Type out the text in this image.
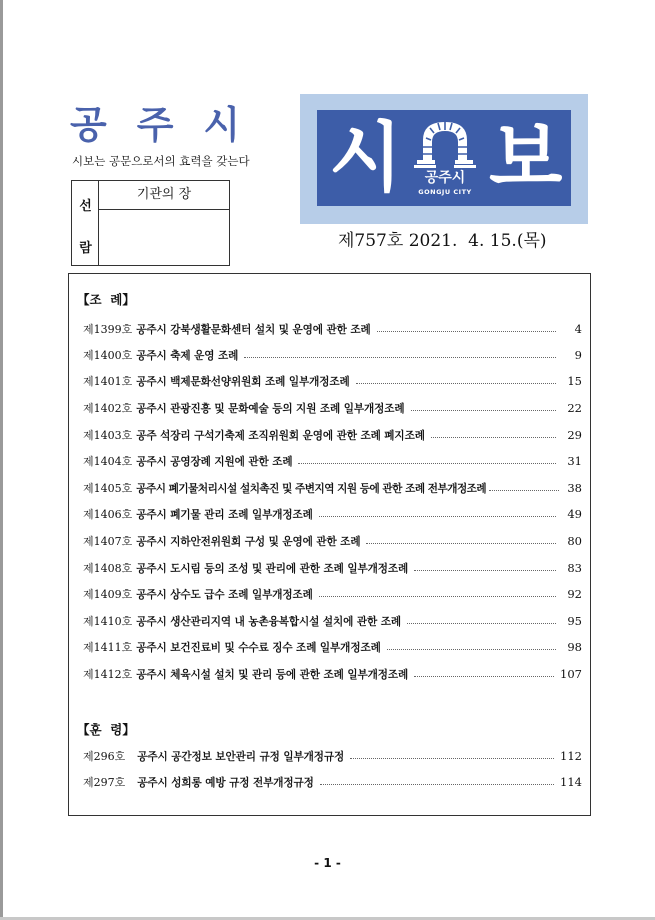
공주시
시보는 공문으로서의 효력을 갖는다
선
람
기관의 장	시	공주시
GONGJU CITY 보
제757호 2021.  4. 15.(목)
【조  례】
제1399호 공주시 강북생활문화센터 설치 및 운영에 관한 조례	4
제1400호 공주시 축제 운영 조례	9
제1401호 공주시 백제문화선양위원회 조례 일부개정조례	15
제1402호 공주시 관광진흥 및 문화예술 등의 지원 조례 일부개정조례	22
제1403호 공주 석장리 구석기축제 조직위원회 운영에 관한 조례 폐지조례	29
제1404호 공주시 공영장례 지원에 관한 조례	31
제1405호 공주시 폐기물처리시설 설치촉진 및 주변지역 지원 등에 관한 조례 전부개정조례	38
제1406호 공주시 폐기물 관리 조례 일부개정조례	49
제1407호 공주시 지하안전위원회 구성 및 운영에 관한 조례	80
제1408호 공주시 도시림 등의 조성 및 관리에 관한 조례 일부개정조례	83
제1409호 공주시 상수도 급수 조례 일부개정조례	92
제1410호 공주시 생산관리지역 내 농촌융복합시설 설치에 관한 조례	95
제1411호 공주시 보건진료비 및 수수료 징수 조례 일부개정조례	98
제1412호 공주시 체육시설 설치 및 관리 등에 관한 조례 일부개정조례	107
【훈  령】
제296호 공주시 공간정보 보안관리 규정 일부개정규정	112
제297호 공주시 성희롱 예방 규정 전부개정규정	114
- 1 -
